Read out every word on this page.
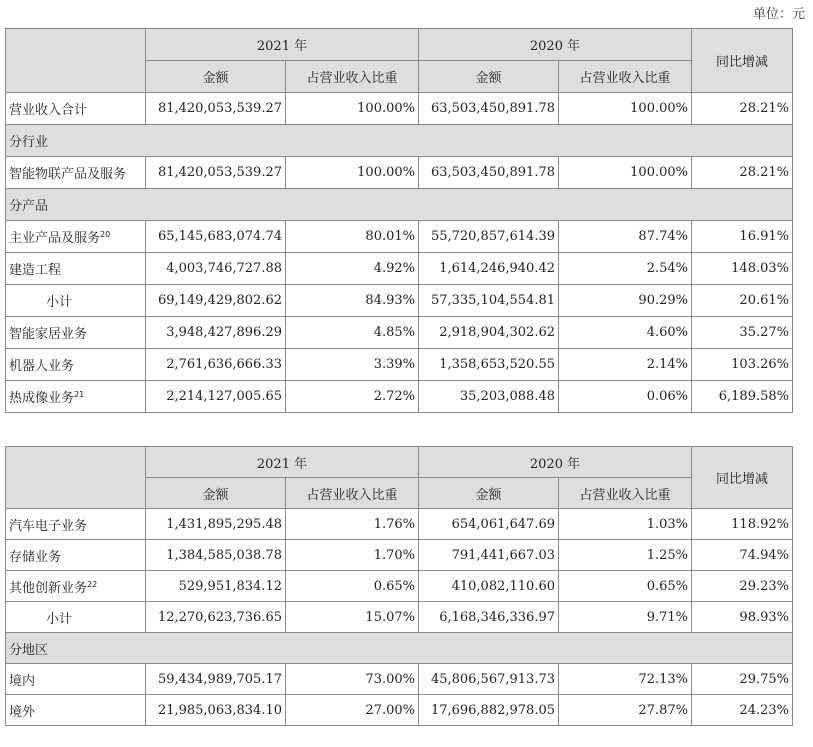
单位：元
	2021 年		2020 年		同比增减
	金额	占营业收入比重	金额	占营业收入比重	
营业收入合计	81,420,053,539.27	100.00%	63,503,450,891.78	100.00%	28.21%
分行业					
智能物联产品及服务	81,420,053,539.27	100.00%	63,503,450,891.78	100.00%	28.21%
分产品					
主业产品及服务$^{20}$	65,145,683,074.74	80.01%	55,720,857,614.39	87.74%	16.91%
建造工程	4,003,746,727.88	4.92%	1,614,246,940.42	2.54%	148.03%
小计	69,149,429,802.62	84.93%	57,335,104,554.81	90.29%	20.61%
智能家居业务	3,948,427,896.29	4.85%	2,918,904,302.62	4.60%	35.27%
机器人业务	2,761,636,666.33	3.39%	1,358,653,520.55	2.14%	103.26%
热成像业务$^{21}$	2,214,127,005.65	2.72%	35,203,088.48	0.06%	6,189.58%
	2021 年		2020 年		同比增减
	金额	占营业收入比重	金额	占营业收入比重	
汽车电子业务	1,431,895,295.48	1.76%	654,061,647.69	1.03%	118.92%
存储业务	1,384,585,038.78	1.70%	791,441,667.03	1.25%	74.94%
其他创新业务$^{22}$	529,951,834.12	0.65%	410,082,110.60	0.65%	29.23%
小计	12,270,623,736.65	15.07%	6,168,346,336.97	9.71%	98.93%
分地区					
境内	59,434,989,705.17	73.00%	45,806,567,913.73	72.13%	29.75%
境外	21,985,063,834.10	27.00%	17,696,882,978.05	27.87%	24.23%
